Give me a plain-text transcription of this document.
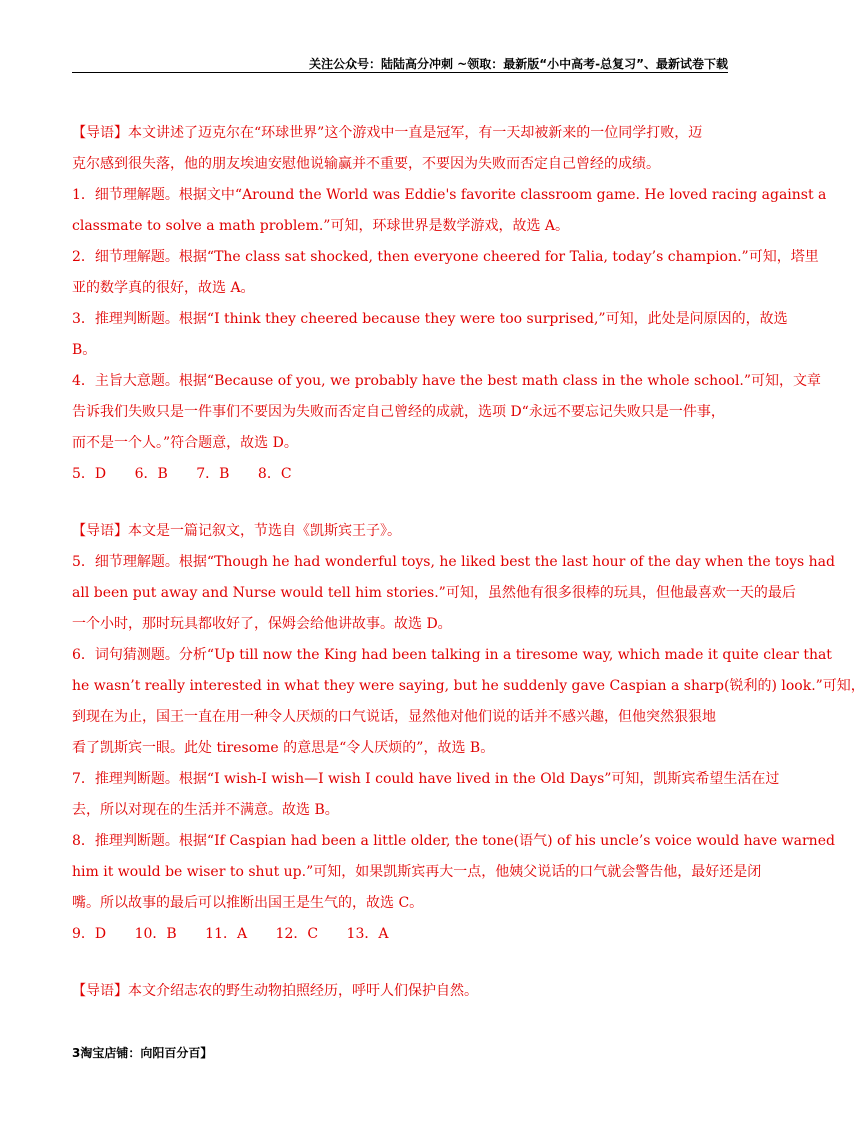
关注公众号：陆陆高分冲刺 ~领取：最新版“小中高考-总复习”、最新试卷下载
【导语】本文讲述了迈克尔在“环球世界”这个游戏中一直是冠军，有一天却被新来的一位同学打败，迈
克尔感到很失落，他的朋友埃迪安慰他说输赢并不重要，不要因为失败而否定自己曾经的成绩。
1．细节理解题。根据文中“Around the World was Eddie's favorite classroom game. He loved racing against a
classmate to solve a math problem.”可知，环球世界是数学游戏，故选 A。
2．细节理解题。根据“The class sat shocked, then everyone cheered for Talia, today’s champion.”可知，塔里
亚的数学真的很好，故选 A。
3．推理判断题。根据“I think they cheered because they were too surprised,”可知，此处是问原因的，故选
B。
4．主旨大意题。根据“Because of you, we probably have the best math class in the whole school.”可知，文章
告诉我们失败只是一件事们不要因为失败而否定自己曾经的成就，选项 D“永远不要忘记失败只是一件事，
而不是一个人。”符合题意，故选 D。
5．D 6．B 7．B 8．C
【导语】本文是一篇记叙文，节选自《凯斯宾王子》。
5．细节理解题。根据“Though he had wonderful toys, he liked best the last hour of the day when the toys had
all been put away and Nurse would tell him stories.”可知，虽然他有很多很棒的玩具，但他最喜欢一天的最后
一个小时，那时玩具都收好了，保姆会给他讲故事。故选 D。
6．词句猜测题。分析“Up till now the King had been talking in a tiresome way, which made it quite clear that
he wasn’t really interested in what they were saying, but he suddenly gave Caspian a sharp(锐利的) look.”可知，
到现在为止，国王一直在用一种令人厌烦的口气说话，显然他对他们说的话并不感兴趣，但他突然狠狠地
看了凯斯宾一眼。此处 tiresome 的意思是“令人厌烦的”，故选 B。
7．推理判断题。根据“I wish-I wish—I wish I could have lived in the Old Days”可知，凯斯宾希望生活在过
去，所以对现在的生活并不满意。故选 B。
8．推理判断题。根据“If Caspian had been a little older, the tone(语气) of his uncle’s voice would have warned
him it would be wiser to shut up.”可知，如果凯斯宾再大一点，他姨父说话的口气就会警告他，最好还是闭
嘴。所以故事的最后可以推断出国王是生气的，故选 C。
9．D 10．B 11．A 12．C 13．A
【导语】本文介绍志农的野生动物拍照经历，呼吁人们保护自然。
3淘宝店铺：向阳百分百】
